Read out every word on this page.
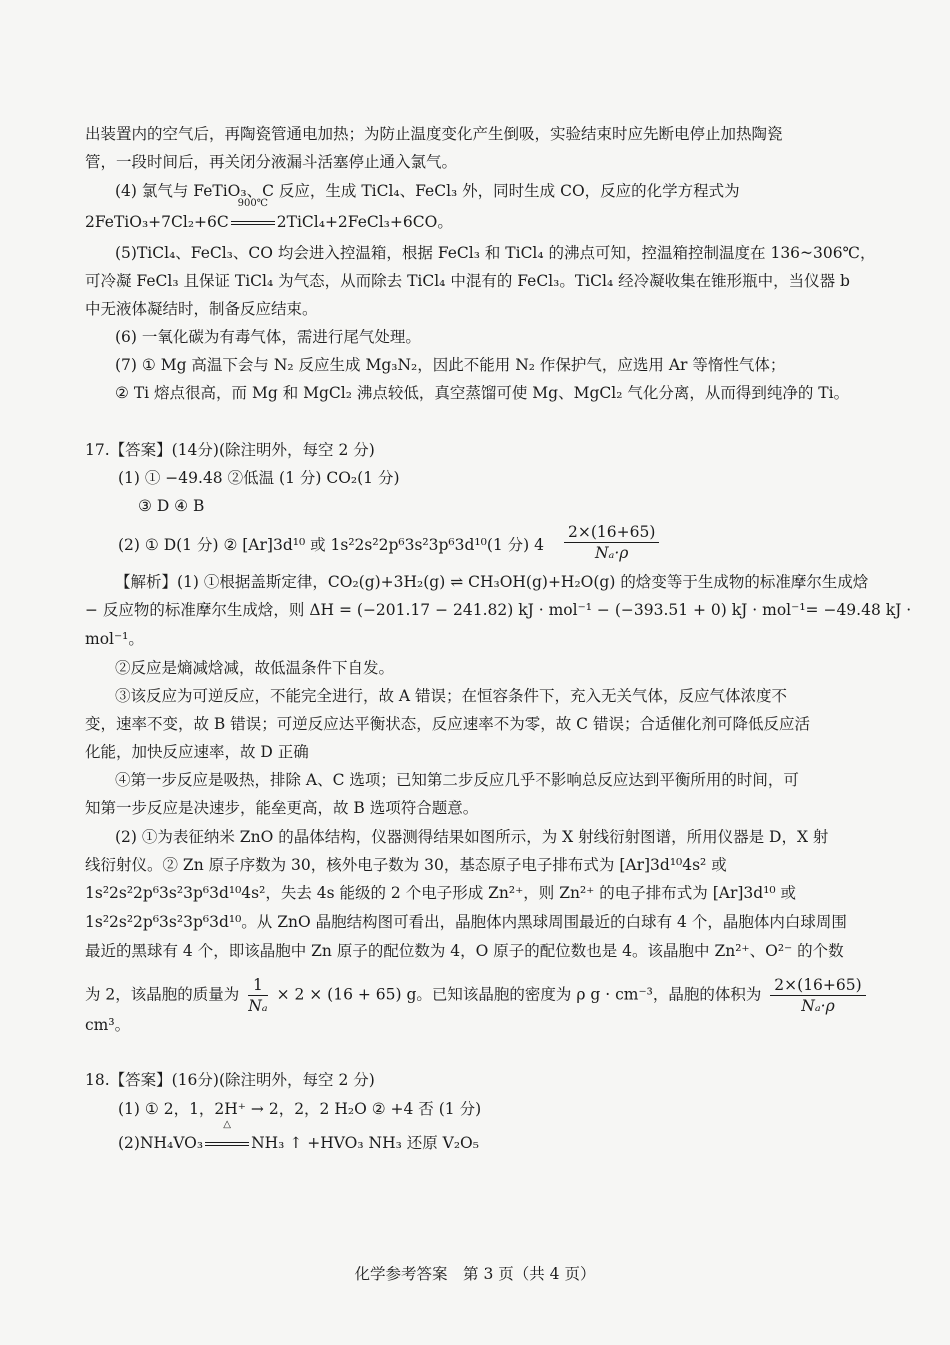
出装置内的空气后，再陶瓷管通电加热；为防止温度变化产生倒吸，实验结束时应先断电停止加热陶瓷
管，一段时间后，再关闭分液漏斗活塞停止通入氯气。
(4) 氯气与 FeTiO₃、C 反应，生成 TiCl₄、FeCl₃ 外，同时生成 CO，反应的化学方程式为
2FeTiO₃+7Cl₂+6C
900℃
2TiCl₄+2FeCl₃+6CO。
(5)TiCl₄、FeCl₃、CO 均会进入控温箱，根据 FeCl₃ 和 TiCl₄ 的沸点可知，控温箱控制温度在 136~306℃，
可冷凝 FeCl₃ 且保证 TiCl₄ 为气态，从而除去 TiCl₄ 中混有的 FeCl₃。TiCl₄ 经冷凝收集在锥形瓶中，当仪器 b
中无液体凝结时，制备反应结束。
(6) 一氧化碳为有毒气体，需进行尾气处理。
(7) ① Mg 高温下会与 N₂ 反应生成 Mg₃N₂，因此不能用 N₂ 作保护气，应选用 Ar 等惰性气体；
② Ti 熔点很高，而 Mg 和 MgCl₂ 沸点较低，真空蒸馏可使 Mg、MgCl₂ 气化分离，从而得到纯净的 Ti。
17.【答案】(14分)(除注明外，每空 2 分)
(1) ① −49.48 ②低温 (1 分) CO₂(1 分)
③ D ④ B
(2) ① D(1 分) ② [Ar]3d¹⁰ 或 1s²2s²2p⁶3s²3p⁶3d¹⁰(1 分) $4 \frac{2\times(16+65)}{\text{Nₐ·ρ}}$
【解析】(1) ①根据盖斯定律，CO₂(g)+3H₂(g) ⇌ CH₃OH(g)+H₂O(g) 的焓变等于生成物的标准摩尔生成焓
− 反应物的标准摩尔生成焓，则 ΔH = (−201.17 − 241.82) kJ · mol⁻¹ − (−393.51 + 0) kJ · mol⁻¹= −49.48 kJ ·
mol⁻¹。
②反应是熵减焓减，故低温条件下自发。
③该反应为可逆反应，不能完全进行，故 A 错误；在恒容条件下，充入无关气体，反应气体浓度不
变，速率不变，故 B 错误；可逆反应达平衡状态，反应速率不为零，故 C 错误；合适催化剂可降低反应活
化能，加快反应速率，故 D 正确
④第一步反应是吸热，排除 A、C 选项；已知第二步反应几乎不影响总反应达到平衡所用的时间，可
知第一步反应是决速步，能垒更高，故 B 选项符合题意。
(2) ①为表征纳米 ZnO 的晶体结构，仪器测得结果如图所示，为 X 射线衍射图谱，所用仪器是 D，X 射
线衍射仪。② Zn 原子序数为 30，核外电子数为 30，基态原子电子排布式为 [Ar]3d¹⁰4s² 或
1s²2s²2p⁶3s²3p⁶3d¹⁰4s²，失去 4s 能级的 2 个电子形成 Zn²⁺，则 Zn²⁺ 的电子排布式为 [Ar]3d¹⁰ 或
1s²2s²2p⁶3s²3p⁶3d¹⁰。从 ZnO 晶胞结构图可看出，晶胞体内黑球周围最近的白球有 4 个，晶胞体内白球周围
最近的黑球有 4 个，即该晶胞中 Zn 原子的配位数为 4，O 原子的配位数也是 4。该晶胞中 Zn²⁺、O²⁻ 的个数
为 2，该晶胞的质量为 $\frac{1}{\text{Nₐ}} \times 2 \times (16 + 65)$ g。已知该晶胞的密度为 ρ g · cm⁻³，晶胞的体积为 $\frac{2\times(16+65)}{\text{Nₐ·ρ}}$
cm³。
18.【答案】(16分)(除注明外，每空 2 分)
(1) ① 2，1，2H⁺ → 2，2，2 H₂O ② +4 否 (1 分)
(2)NH₄VO₃
△
NH₃ ↑ +HVO₃ NH₃ 还原 V₂O₅
化学参考答案　第 3 页（共 4 页）
